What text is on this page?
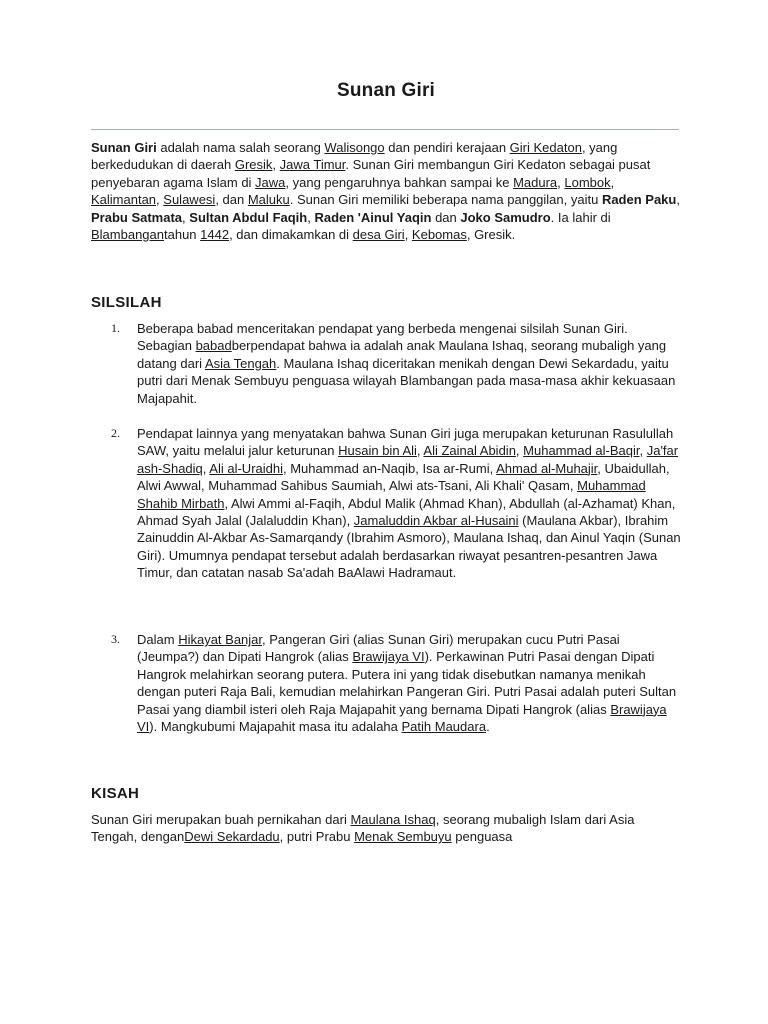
Sunan Giri

Sunan Giri adalah nama salah seorang Walisongo dan pendiri kerajaan Giri Kedaton, yang berkedudukan di daerah Gresik, Jawa Timur. Sunan Giri membangun Giri Kedaton sebagai pusat penyebaran agama Islam di Jawa, yang pengaruhnya bahkan sampai ke Madura, Lombok, Kalimantan, Sulawesi, dan Maluku. Sunan Giri memiliki beberapa nama panggilan, yaitu Raden Paku, Prabu Satmata, Sultan Abdul Faqih, Raden 'Ainul Yaqin dan Joko Samudro. Ia lahir di Blambangantahun 1442, dan dimakamkan di desa Giri, Kebomas, Gresik.

SILSILAH
1. Beberapa babad menceritakan pendapat yang berbeda mengenai silsilah Sunan Giri. Sebagian babadberpendapat bahwa ia adalah anak Maulana Ishaq, seorang mubaligh yang datang dari Asia Tengah. Maulana Ishaq diceritakan menikah dengan Dewi Sekardadu, yaitu putri dari Menak Sembuyu penguasa wilayah Blambangan pada masa-masa akhir kekuasaan Majapahit.
2. Pendapat lainnya yang menyatakan bahwa Sunan Giri juga merupakan keturunan Rasulullah SAW, yaitu melalui jalur keturunan Husain bin Ali, Ali Zainal Abidin, Muhammad al-Baqir, Ja'far ash-Shadiq, Ali al-Uraidhi, Muhammad an-Naqib, Isa ar-Rumi, Ahmad al-Muhajir, Ubaidullah, Alwi Awwal, Muhammad Sahibus Saumiah, Alwi ats-Tsani, Ali Khali' Qasam, Muhammad Shahib Mirbath, Alwi Ammi al-Faqih, Abdul Malik (Ahmad Khan), Abdullah (al-Azhamat) Khan, Ahmad Syah Jalal (Jalaluddin Khan), Jamaluddin Akbar al-Husaini (Maulana Akbar), Ibrahim Zainuddin Al-Akbar As-Samarqandy (Ibrahim Asmoro), Maulana Ishaq, dan Ainul Yaqin (Sunan Giri). Umumnya pendapat tersebut adalah berdasarkan riwayat pesantren-pesantren Jawa Timur, dan catatan nasab Sa'adah BaAlawi Hadramaut.
3. Dalam Hikayat Banjar, Pangeran Giri (alias Sunan Giri) merupakan cucu Putri Pasai (Jeumpa?) dan Dipati Hangrok (alias Brawijaya VI). Perkawinan Putri Pasai dengan Dipati Hangrok melahirkan seorang putera. Putera ini yang tidak disebutkan namanya menikah dengan puteri Raja Bali, kemudian melahirkan Pangeran Giri. Putri Pasai adalah puteri Sultan Pasai yang diambil isteri oleh Raja Majapahit yang bernama Dipati Hangrok (alias Brawijaya VI). Mangkubumi Majapahit masa itu adalaha Patih Maudara.
KISAH

Sunan Giri merupakan buah pernikahan dari Maulana Ishaq, seorang mubaligh Islam dari Asia Tengah, denganDewi Sekardadu, putri Prabu Menak Sembuyu penguasa
